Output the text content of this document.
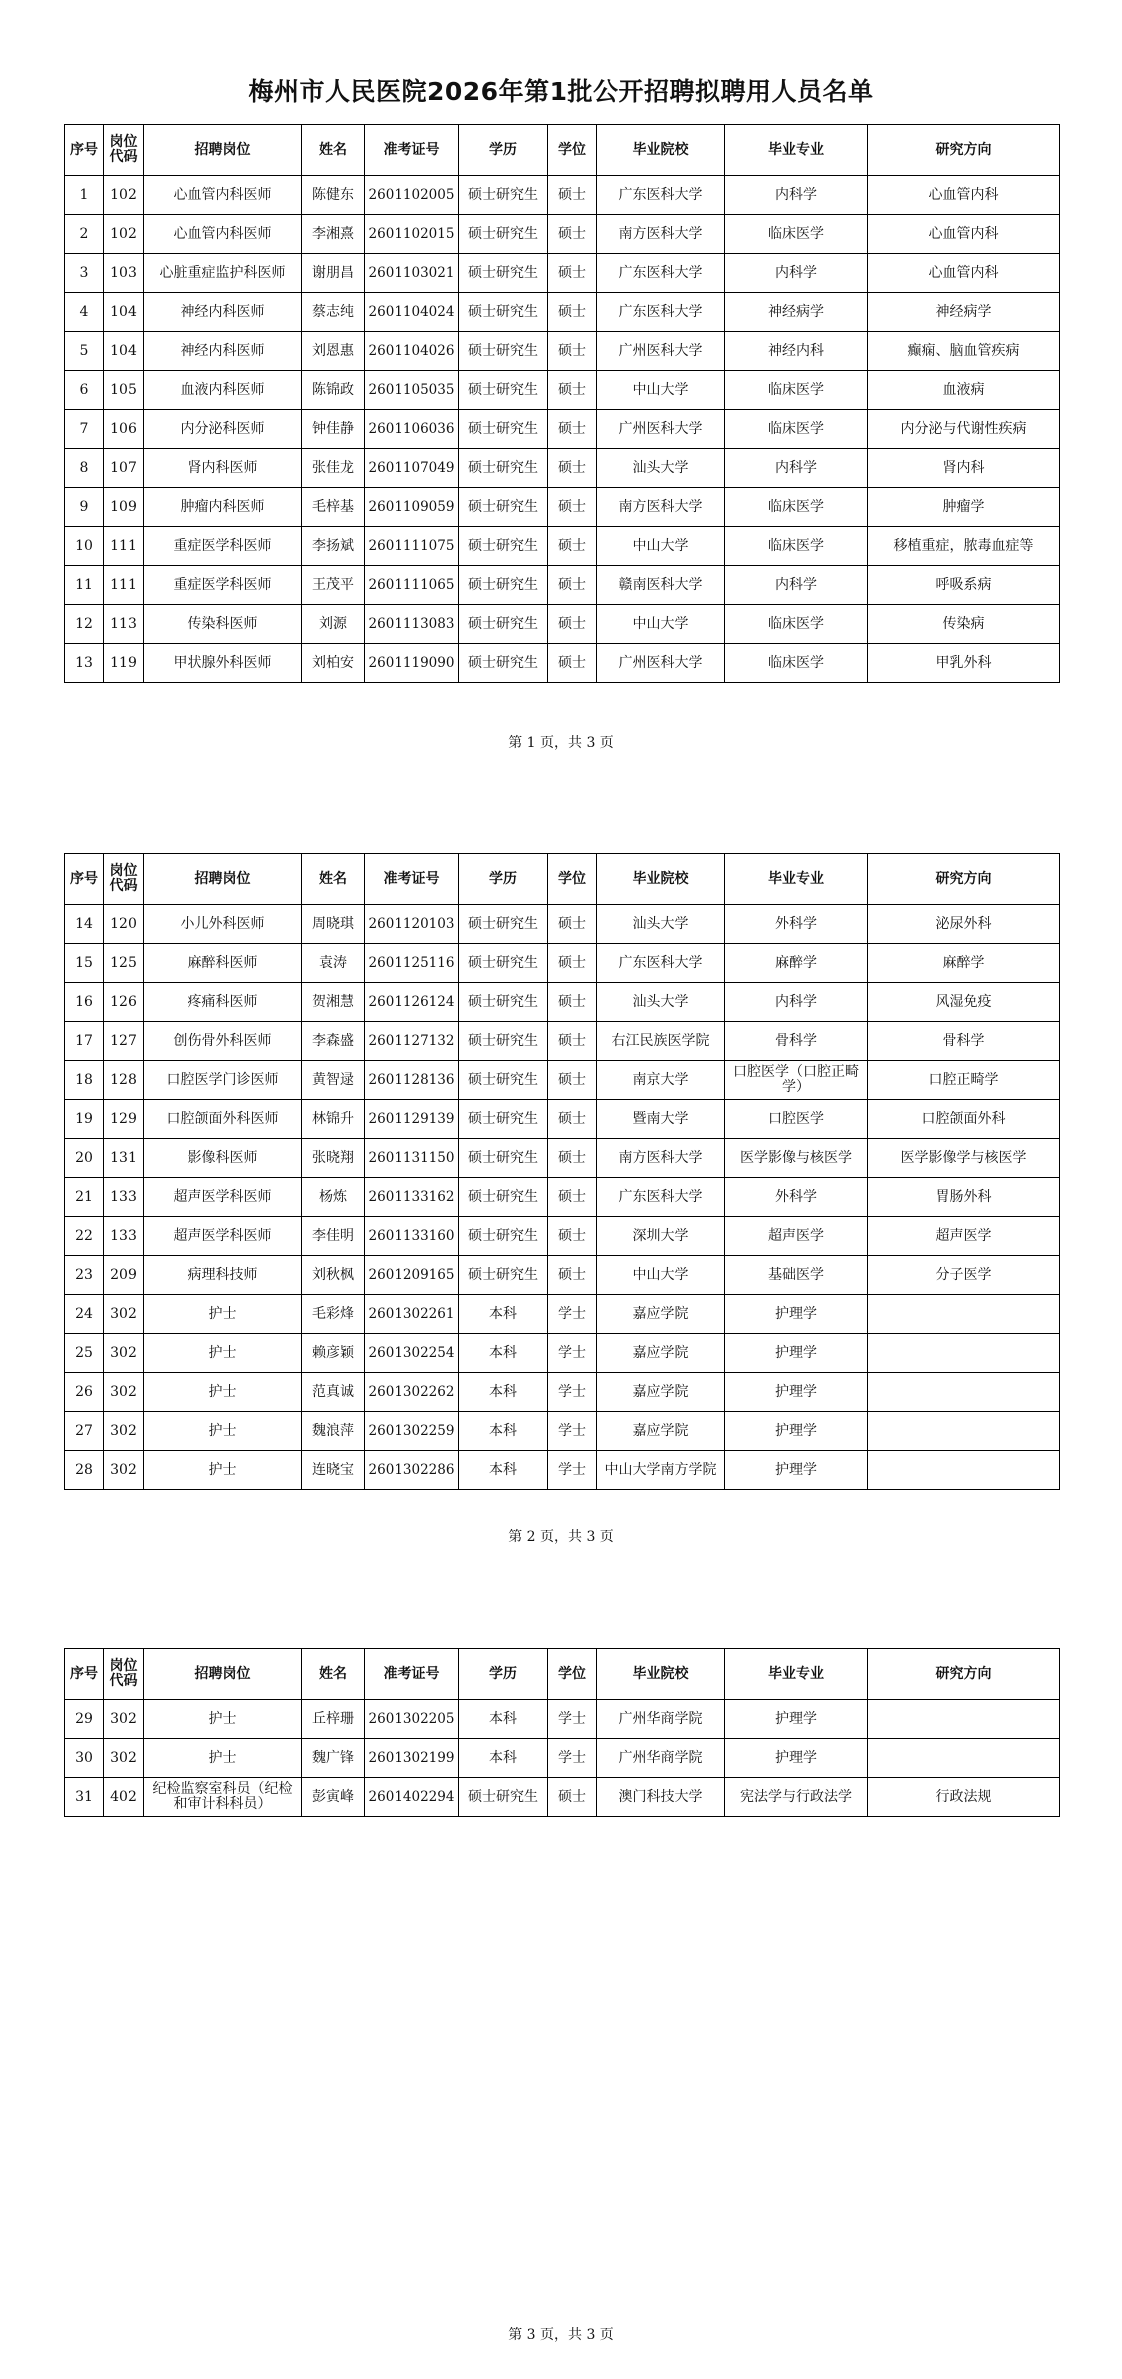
梅州市人民医院2026年第1批公开招聘拟聘用人员名单
序号	岗位代码	招聘岗位	姓名	准考证号	学历	学位	毕业院校	毕业专业	研究方向
1	102	心血管内科医师	陈健东	2601102005	硕士研究生	硕士	广东医科大学	内科学	心血管内科
2	102	心血管内科医师	李湘熹	2601102015	硕士研究生	硕士	南方医科大学	临床医学	心血管内科
3	103	心脏重症监护科医师	谢朋昌	2601103021	硕士研究生	硕士	广东医科大学	内科学	心血管内科
4	104	神经内科医师	蔡志纯	2601104024	硕士研究生	硕士	广东医科大学	神经病学	神经病学
5	104	神经内科医师	刘恩惠	2601104026	硕士研究生	硕士	广州医科大学	神经内科	癫痫、脑血管疾病
6	105	血液内科医师	陈锦政	2601105035	硕士研究生	硕士	中山大学	临床医学	血液病
7	106	内分泌科医师	钟佳静	2601106036	硕士研究生	硕士	广州医科大学	临床医学	内分泌与代谢性疾病
8	107	肾内科医师	张佳龙	2601107049	硕士研究生	硕士	汕头大学	内科学	肾内科
9	109	肿瘤内科医师	毛梓基	2601109059	硕士研究生	硕士	南方医科大学	临床医学	肿瘤学
10	111	重症医学科医师	李扬斌	2601111075	硕士研究生	硕士	中山大学	临床医学	移植重症，脓毒血症等
11	111	重症医学科医师	王茂平	2601111065	硕士研究生	硕士	赣南医科大学	内科学	呼吸系病
12	113	传染科医师	刘源	2601113083	硕士研究生	硕士	中山大学	临床医学	传染病
13	119	甲状腺外科医师	刘柏安	2601119090	硕士研究生	硕士	广州医科大学	临床医学	甲乳外科
第 1 页，共 3 页
序号	岗位代码	招聘岗位	姓名	准考证号	学历	学位	毕业院校	毕业专业	研究方向
14	120	小儿外科医师	周晓琪	2601120103	硕士研究生	硕士	汕头大学	外科学	泌尿外科
15	125	麻醉科医师	袁涛	2601125116	硕士研究生	硕士	广东医科大学	麻醉学	麻醉学
16	126	疼痛科医师	贺湘慧	2601126124	硕士研究生	硕士	汕头大学	内科学	风湿免疫
17	127	创伤骨外科医师	李森盛	2601127132	硕士研究生	硕士	右江民族医学院	骨科学	骨科学
18	128	口腔医学门诊医师	黄智逯	2601128136	硕士研究生	硕士	南京大学	口腔医学（口腔正畸学）	口腔正畸学
19	129	口腔颌面外科医师	林锦升	2601129139	硕士研究生	硕士	暨南大学	口腔医学	口腔颌面外科
20	131	影像科医师	张晓翔	2601131150	硕士研究生	硕士	南方医科大学	医学影像与核医学	医学影像学与核医学
21	133	超声医学科医师	杨炼	2601133162	硕士研究生	硕士	广东医科大学	外科学	胃肠外科
22	133	超声医学科医师	李佳明	2601133160	硕士研究生	硕士	深圳大学	超声医学	超声医学
23	209	病理科技师	刘秋枫	2601209165	硕士研究生	硕士	中山大学	基础医学	分子医学
24	302	护士	毛彩烽	2601302261	本科	学士	嘉应学院	护理学	
25	302	护士	赖彦颖	2601302254	本科	学士	嘉应学院	护理学	
26	302	护士	范真诚	2601302262	本科	学士	嘉应学院	护理学	
27	302	护士	魏浪萍	2601302259	本科	学士	嘉应学院	护理学	
28	302	护士	连晓宝	2601302286	本科	学士	中山大学南方学院	护理学	
第 2 页，共 3 页
序号	岗位代码	招聘岗位	姓名	准考证号	学历	学位	毕业院校	毕业专业	研究方向
29	302	护士	丘梓珊	2601302205	本科	学士	广州华商学院	护理学	
30	302	护士	魏广锋	2601302199	本科	学士	广州华商学院	护理学	
31	402	纪检监察室科员（纪检和审计科科员）	彭寅峰	2601402294	硕士研究生	硕士	澳门科技大学	宪法学与行政法学	行政法规
第 3 页，共 3 页
